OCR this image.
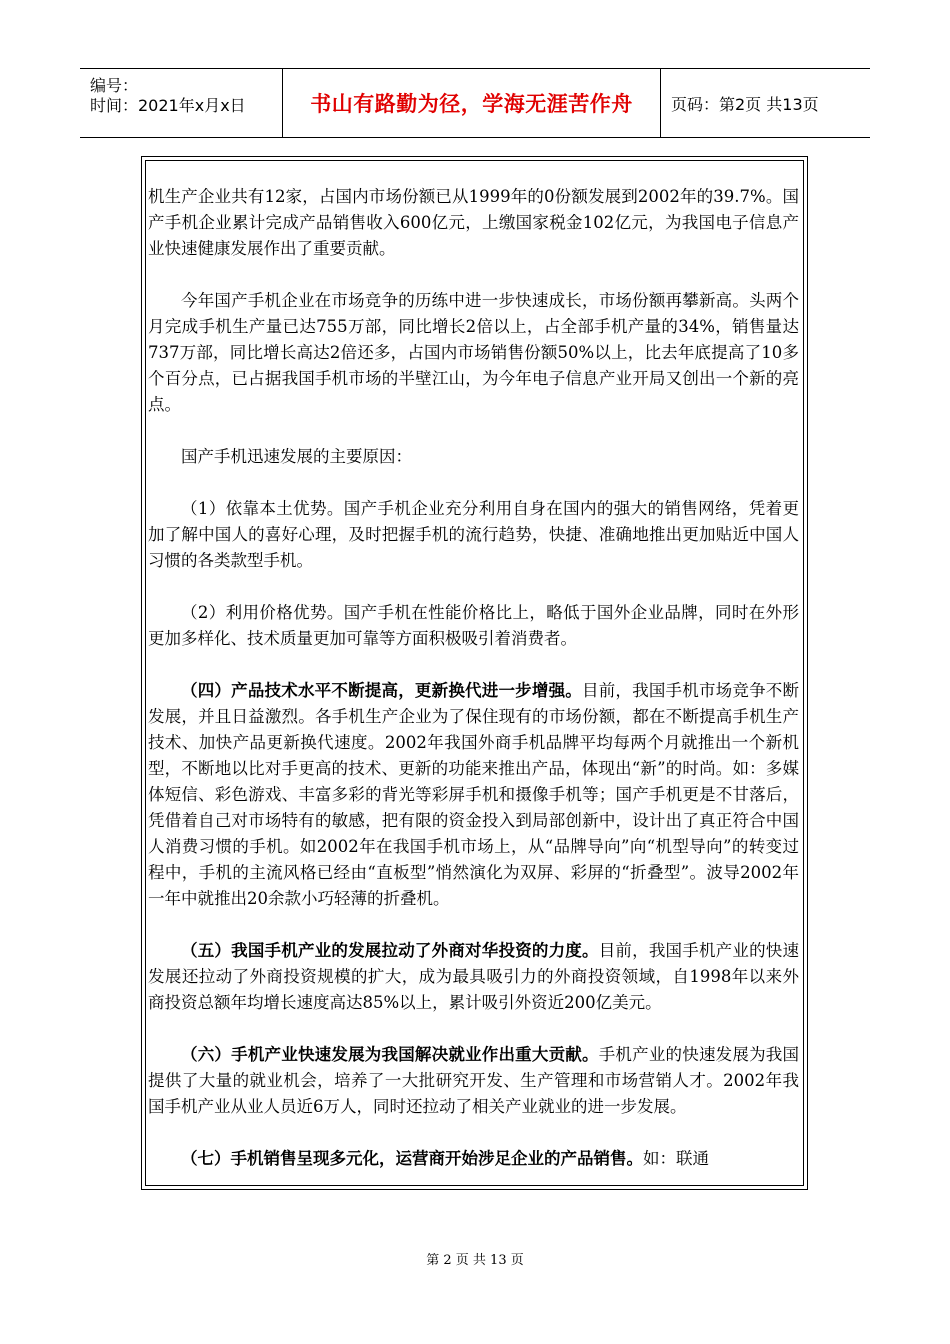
编号：
时间：2021年x月x日	书山有路勤为径，学海无涯苦作舟	页码：第2页 共13页

机生产企业共有12家，占国内市场份额已从1999年的0份额发展到2002年的39.7%。国产手机企业累计完成产品销售收入600亿元，上缴国家税金102亿元，为我国电子信息产业快速健康发展作出了重要贡献。

今年国产手机企业在市场竞争的历练中进一步快速成长，市场份额再攀新高。头两个月完成手机生产量已达755万部，同比增长2倍以上，占全部手机产量的34%，销售量达737万部，同比增长高达2倍还多，占国内市场销售份额50%以上，比去年底提高了10多个百分点，已占据我国手机市场的半壁江山，为今年电子信息产业开局又创出一个新的亮点。

国产手机迅速发展的主要原因：

（1）依靠本土优势。国产手机企业充分利用自身在国内的强大的销售网络，凭着更加了解中国人的喜好心理，及时把握手机的流行趋势，快捷、准确地推出更加贴近中国人习惯的各类款型手机。

（2）利用价格优势。国产手机在性能价格比上，略低于国外企业品牌，同时在外形更加多样化、技术质量更加可靠等方面积极吸引着消费者。

（四）产品技术水平不断提高，更新换代进一步增强。目前，我国手机市场竞争不断发展，并且日益激烈。各手机生产企业为了保住现有的市场份额，都在不断提高手机生产技术、加快产品更新换代速度。2002年我国外商手机品牌平均每两个月就推出一个新机型，不断地以比对手更高的技术、更新的功能来推出产品，体现出“新”的时尚。如：多媒体短信、彩色游戏、丰富多彩的背光等彩屏手机和摄像手机等；国产手机更是不甘落后，凭借着自己对市场特有的敏感，把有限的资金投入到局部创新中，设计出了真正符合中国人消费习惯的手机。如2002年在我国手机市场上，从“品牌导向”向“机型导向”的转变过程中，手机的主流风格已经由“直板型”悄然演化为双屏、彩屏的“折叠型”。波导2002年一年中就推出20余款小巧轻薄的折叠机。

（五）我国手机产业的发展拉动了外商对华投资的力度。目前，我国手机产业的快速发展还拉动了外商投资规模的扩大，成为最具吸引力的外商投资领域，自1998年以来外商投资总额年均增长速度高达85%以上，累计吸引外资近200亿美元。

（六）手机产业快速发展为我国解决就业作出重大贡献。手机产业的快速发展为我国提供了大量的就业机会，培养了一大批研究开发、生产管理和市场营销人才。2002年我国手机产业从业人员近6万人，同时还拉动了相关产业就业的进一步发展。

（七）手机销售呈现多元化，运营商开始涉足企业的产品销售。如：联通

第 2 页 共 13 页
